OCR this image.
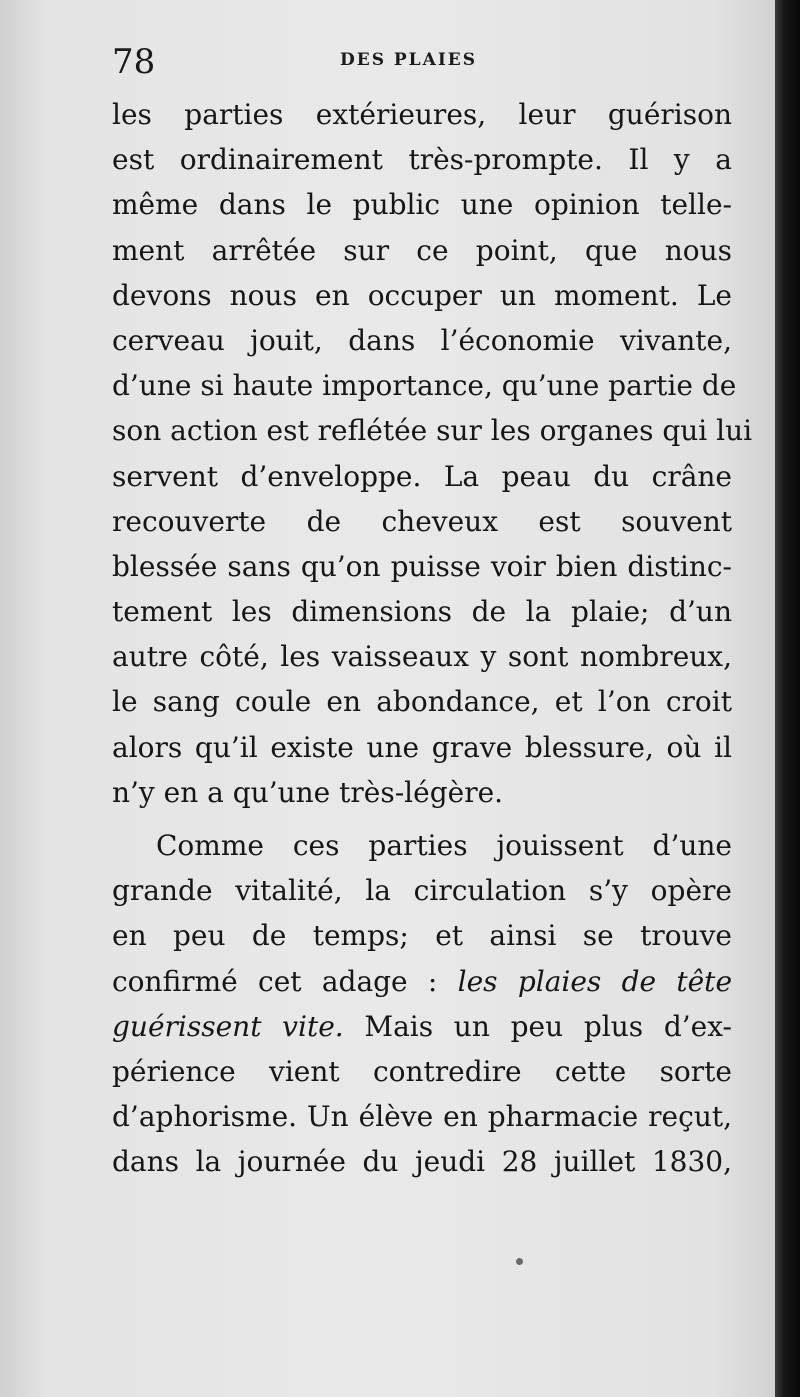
78	DES PLAIES
les parties extérieures, leur guérison
est ordinairement très-prompte. Il y a
même dans le public une opinion telle-
ment arrêtée sur ce point, que nous
devons nous en occuper un moment. Le
cerveau jouit, dans l’économie vivante,
d’une si haute importance, qu’une partie de
son action est reflétée sur les organes qui lui
servent d’enveloppe. La peau du crâne
recouverte de cheveux est souvent
blessée sans qu’on puisse voir bien distinc-
tement les dimensions de la plaie; d’un
autre côté, les vaisseaux y sont nombreux,
le sang coule en abondance, et l’on croit
alors qu’il existe une grave blessure, où il
n’y en a qu’une très-légère.
Comme ces parties jouissent d’une
grande vitalité, la circulation s’y opère
en peu de temps; et ainsi se trouve
confirmé cet adage : les plaies de tête
guérissent vite. Mais un peu plus d’ex-
périence vient contredire cette sorte
d’aphorisme. Un élève en pharmacie reçut,
dans la journée du jeudi 28 juillet 1830,
